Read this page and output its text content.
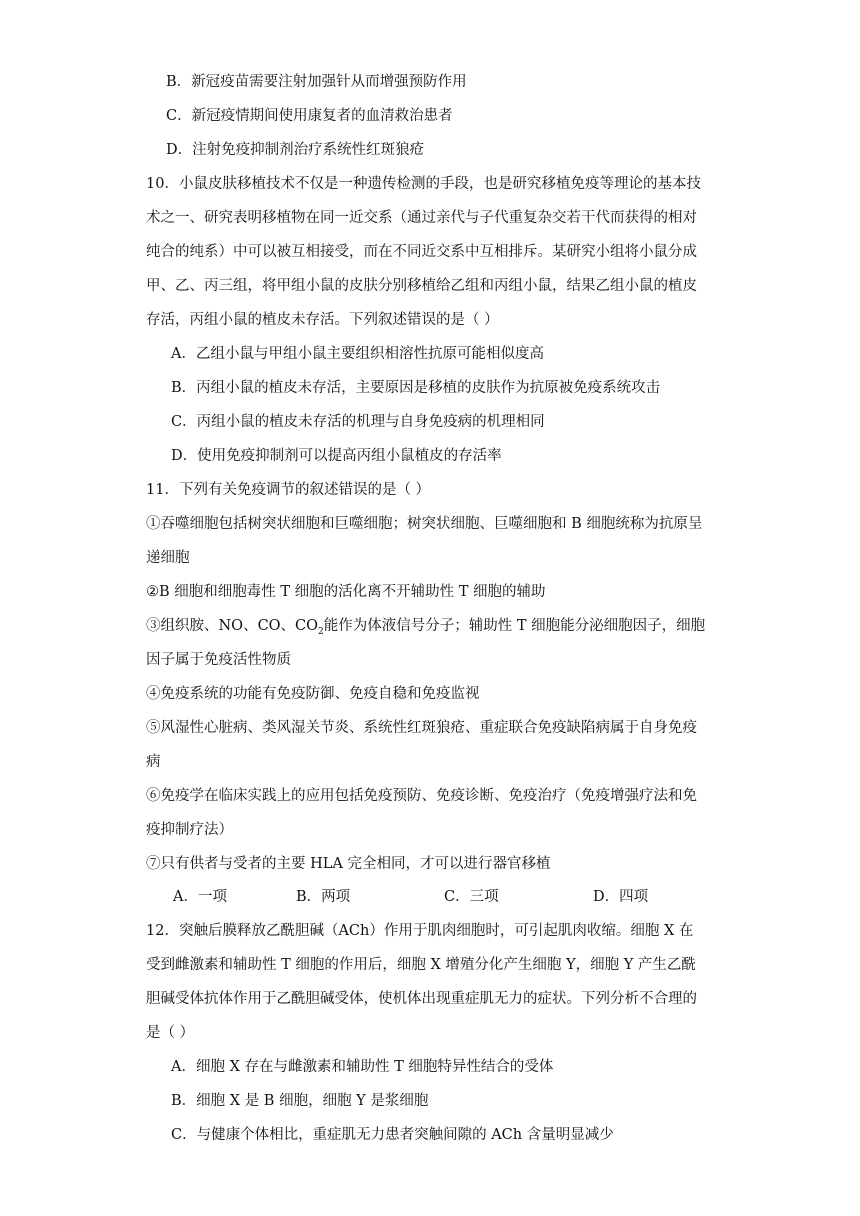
B．新冠疫苗需要注射加强针从而增强预防作用
C．新冠疫情期间使用康复者的血清救治患者
D．注射免疫抑制剂治疗系统性红斑狼疮
10．小鼠皮肤移植技术不仅是一种遗传检测的手段，也是研究移植免疫等理论的基本技
术之一、研究表明移植物在同一近交系（通过亲代与子代重复杂交若干代而获得的相对
纯合的纯系）中可以被互相接受，而在不同近交系中互相排斥。某研究小组将小鼠分成
甲、乙、丙三组，将甲组小鼠的皮肤分别移植给乙组和丙组小鼠，结果乙组小鼠的植皮
存活，丙组小鼠的植皮未存活。下列叙述错误的是（ ）
A．乙组小鼠与甲组小鼠主要组织相溶性抗原可能相似度高
B．丙组小鼠的植皮未存活，主要原因是移植的皮肤作为抗原被免疫系统攻击
C．丙组小鼠的植皮未存活的机理与自身免疫病的机理相同
D．使用免疫抑制剂可以提高丙组小鼠植皮的存活率
11．下列有关免疫调节的叙述错误的是（ ）
①吞噬细胞包括树突状细胞和巨噬细胞；树突状细胞、巨噬细胞和 B 细胞统称为抗原呈
递细胞
②B 细胞和细胞毒性 T 细胞的活化离不开辅助性 T 细胞的辅助
③组织胺、NO、CO、$CO_2$能作为体液信号分子；辅助性 T 细胞能分泌细胞因子，细胞
因子属于免疫活性物质
④免疫系统的功能有免疫防御、免疫自稳和免疫监视
⑤风湿性心脏病、类风湿关节炎、系统性红斑狼疮、重症联合免疫缺陷病属于自身免疫
病
⑥免疫学在临床实践上的应用包括免疫预防、免疫诊断、免疫治疗（免疫增强疗法和免
疫抑制疗法）
⑦只有供者与受者的主要 HLA 完全相同，才可以进行器官移植
A．一项	B．两项	C．三项	D．四项
12．突触后膜释放乙酰胆碱（ACh）作用于肌肉细胞时，可引起肌肉收缩。细胞 X 在
受到雌激素和辅助性 T 细胞的作用后，细胞 X 增殖分化产生细胞 Y，细胞 Y 产生乙酰
胆碱受体抗体作用于乙酰胆碱受体，使机体出现重症肌无力的症状。下列分析不合理的
是（ ）
A．细胞 X 存在与雌激素和辅助性 T 细胞特异性结合的受体
B．细胞 X 是 B 细胞，细胞 Y 是浆细胞
C．与健康个体相比，重症肌无力患者突触间隙的 ACh 含量明显减少
